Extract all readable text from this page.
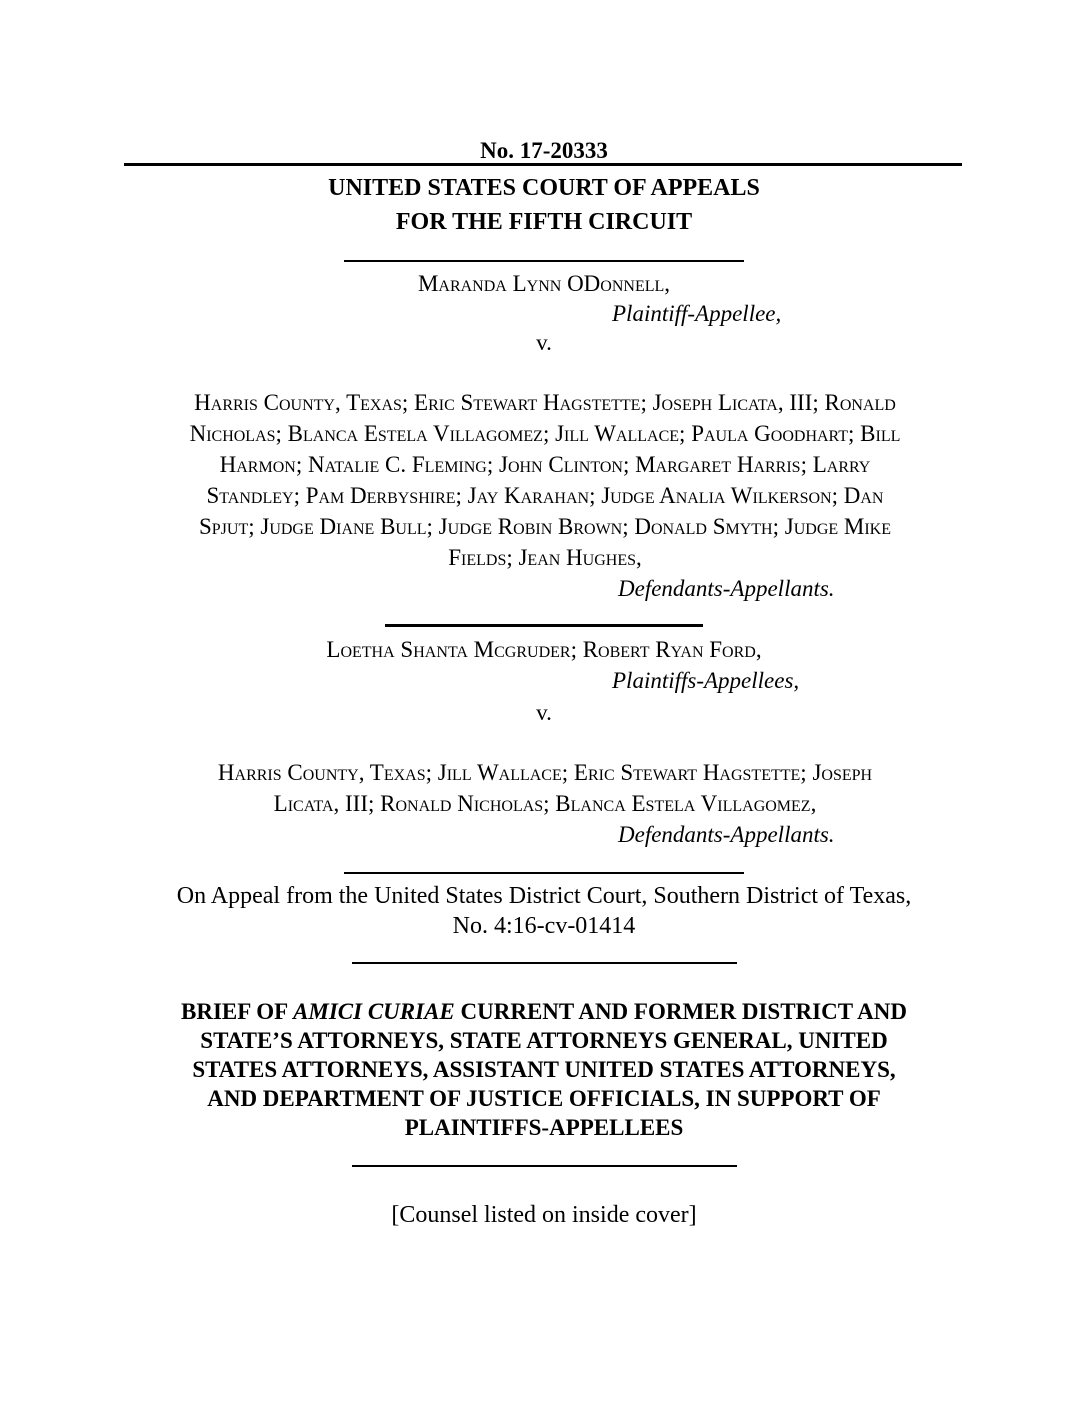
No. 17-20333
UNITED STATES COURT OF APPEALS
FOR THE FIFTH CIRCUIT
Maranda Lynn ODonnell,
Plaintiff-Appellee,
v.
Harris County, Texas; Eric Stewart Hagstette; Joseph Licata, III; Ronald
Nicholas; Blanca Estela Villagomez; Jill Wallace; Paula Goodhart; Bill
Harmon; Natalie C. Fleming; John Clinton; Margaret Harris; Larry
Standley; Pam Derbyshire; Jay Karahan; Judge Analia Wilkerson; Dan
Spjut; Judge Diane Bull; Judge Robin Brown; Donald Smyth; Judge Mike
Fields; Jean Hughes,
Defendants-Appellants.
Loetha Shanta Mcgruder; Robert Ryan Ford,
Plaintiffs-Appellees,
v.
Harris County, Texas; Jill Wallace; Eric Stewart Hagstette; Joseph
Licata, III; Ronald Nicholas; Blanca Estela Villagomez,
Defendants-Appellants.
On Appeal from the United States District Court, Southern District of Texas,
No. 4:16-cv-01414
BRIEF OF AMICI CURIAE CURRENT AND FORMER DISTRICT AND
STATE’S ATTORNEYS, STATE ATTORNEYS GENERAL, UNITED
STATES ATTORNEYS, ASSISTANT UNITED STATES ATTORNEYS,
AND DEPARTMENT OF JUSTICE OFFICIALS, IN SUPPORT OF
PLAINTIFFS-APPELLEES
[Counsel listed on inside cover]
